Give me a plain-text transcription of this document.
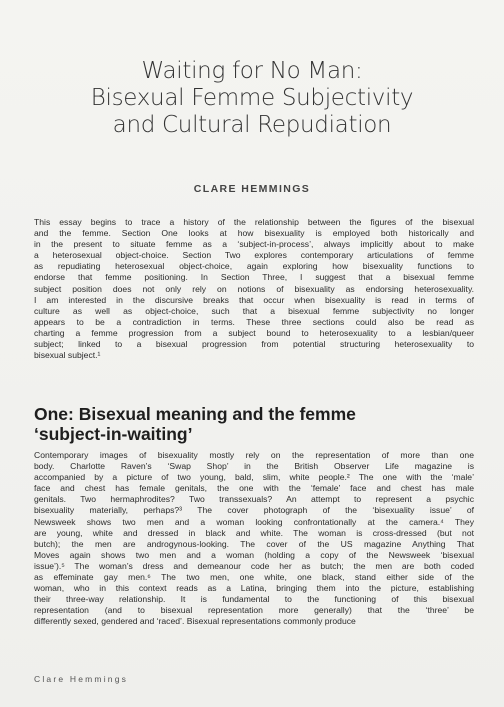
Waiting for No Man:
Bisexual Femme Subjectivity
and Cultural Repudiation
CLARE HEMMINGS
This essay begins to trace a history of the relationship between the figures of the bisexual
and the femme. Section One looks at how bisexuality is employed both historically and
in the present to situate femme as a ‘subject-in-process’, always implicitly about to make
a heterosexual object-choice. Section Two explores contemporary articulations of femme
as repudiating heterosexual object-choice, again exploring how bisexuality functions to
endorse that femme positioning. In Section Three, I suggest that a bisexual femme
subject position does not only rely on notions of bisexuality as endorsing heterosexuality.
I am interested in the discursive breaks that occur when bisexuality is read in terms of
culture as well as object-choice, such that a bisexual femme subjectivity no longer
appears to be a contradiction in terms. These three sections could also be read as
charting a femme progression from a subject bound to heterosexuality to a lesbian/queer
subject; linked to a bisexual progression from potential structuring heterosexuality to
bisexual subject.¹
One: Bisexual meaning and the femme
‘subject-in-waiting’
Contemporary images of bisexuality mostly rely on the representation of more than one
body. Charlotte Raven’s ‘Swap Shop’ in the British Observer Life magazine is
accompanied by a picture of two young, bald, slim, white people.² The one with the ‘male’
face and chest has female genitals, the one with the ‘female’ face and chest has male
genitals. Two hermaphrodites? Two transsexuals? An attempt to represent a psychic
bisexuality materially, perhaps?³ The cover photograph of the ‘bisexuality issue’ of
Newsweek shows two men and a woman looking confrontationally at the camera.⁴ They
are young, white and dressed in black and white. The woman is cross-dressed (but not
butch); the men are androgynous-looking. The cover of the US magazine Anything That
Moves again shows two men and a woman (holding a copy of the Newsweek ‘bisexual
issue’).⁵ The woman’s dress and demeanour code her as butch; the men are both coded
as effeminate gay men.⁶ The two men, one white, one black, stand either side of the
woman, who in this context reads as a Latina, bringing them into the picture, establishing
their three-way relationship. It is fundamental to the functioning of this bisexual
representation (and to bisexual representation more generally) that the ‘three’ be
differently sexed, gendered and ‘raced’. Bisexual representations commonly produce
Clare Hemmings
